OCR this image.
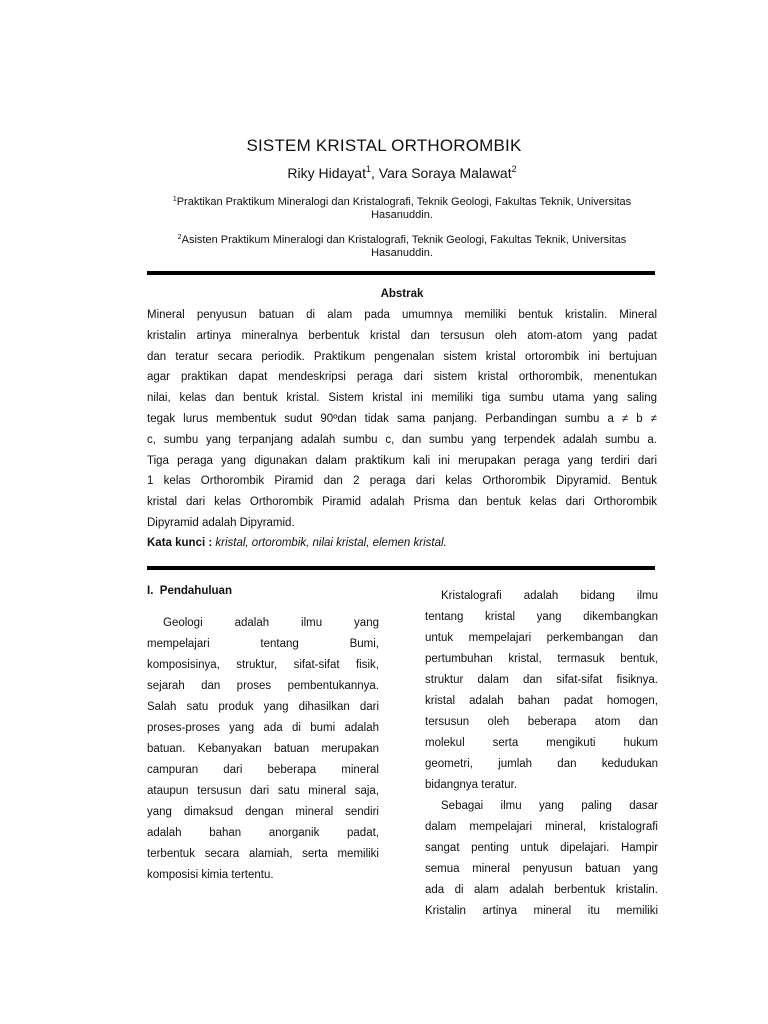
SISTEM KRISTAL ORTHOROMBIK
Riky Hidayat$^1$, Vara Soraya Malawat$^2$
$^1$Praktikan Praktikum Mineralogi dan Kristalografi, Teknik Geologi, Fakultas Teknik, Universitas
Hasanuddin.
$^2$Asisten Praktikum Mineralogi dan Kristalografi, Teknik Geologi, Fakultas Teknik, Universitas
Hasanuddin.
Abstrak
Mineral penyusun batuan di alam pada umumnya memiliki bentuk kristalin. Mineral
kristalin artinya mineralnya berbentuk kristal dan tersusun oleh atom-atom yang padat
dan teratur secara periodik. Praktikum pengenalan sistem kristal ortorombik ini bertujuan
agar praktikan dapat mendeskripsi peraga dari sistem kristal orthorombik, menentukan
nilai, kelas dan bentuk kristal. Sistem kristal ini memiliki tiga sumbu utama yang saling
tegak lurus membentuk sudut 90ºdan tidak sama panjang. Perbandingan sumbu a ≠ b ≠
c, sumbu yang terpanjang adalah sumbu c, dan sumbu yang terpendek adalah sumbu a.
Tiga peraga yang digunakan dalam praktikum kali ini merupakan peraga yang terdiri dari
1 kelas Orthorombik Piramid dan 2 peraga dari kelas Orthorombik Dipyramid. Bentuk
kristal dari kelas Orthorombik Piramid adalah Prisma dan bentuk kelas dari Orthorombik
Dipyramid adalah Dipyramid.
Kata kunci : kristal, ortorombik, nilai kristal, elemen kristal.
I. Pendahuluan
Geologi adalah ilmu yang
mempelajari tentang Bumi,
komposisinya, struktur, sifat-sifat fisik,
sejarah dan proses pembentukannya.
Salah satu produk yang dihasilkan dari
proses-proses yang ada di bumi adalah
batuan. Kebanyakan batuan merupakan
campuran dari beberapa mineral
ataupun tersusun dari satu mineral saja,
yang dimaksud dengan mineral sendiri
adalah bahan anorganik padat,
terbentuk secara alamiah, serta memiliki
komposisi kimia tertentu.
Kristalografi adalah bidang ilmu
tentang kristal yang dikembangkan
untuk mempelajari perkembangan dan
pertumbuhan kristal, termasuk bentuk,
struktur dalam dan sifat-sifat fisiknya.
kristal adalah bahan padat homogen,
tersusun oleh beberapa atom dan
molekul serta mengikuti hukum
geometri, jumlah dan kedudukan
bidangnya teratur.
Sebagai ilmu yang paling dasar
dalam mempelajari mineral, kristalografi
sangat penting untuk dipelajari. Hampir
semua mineral penyusun batuan yang
ada di alam adalah berbentuk kristalin.
Kristalin artinya mineral itu memiliki
